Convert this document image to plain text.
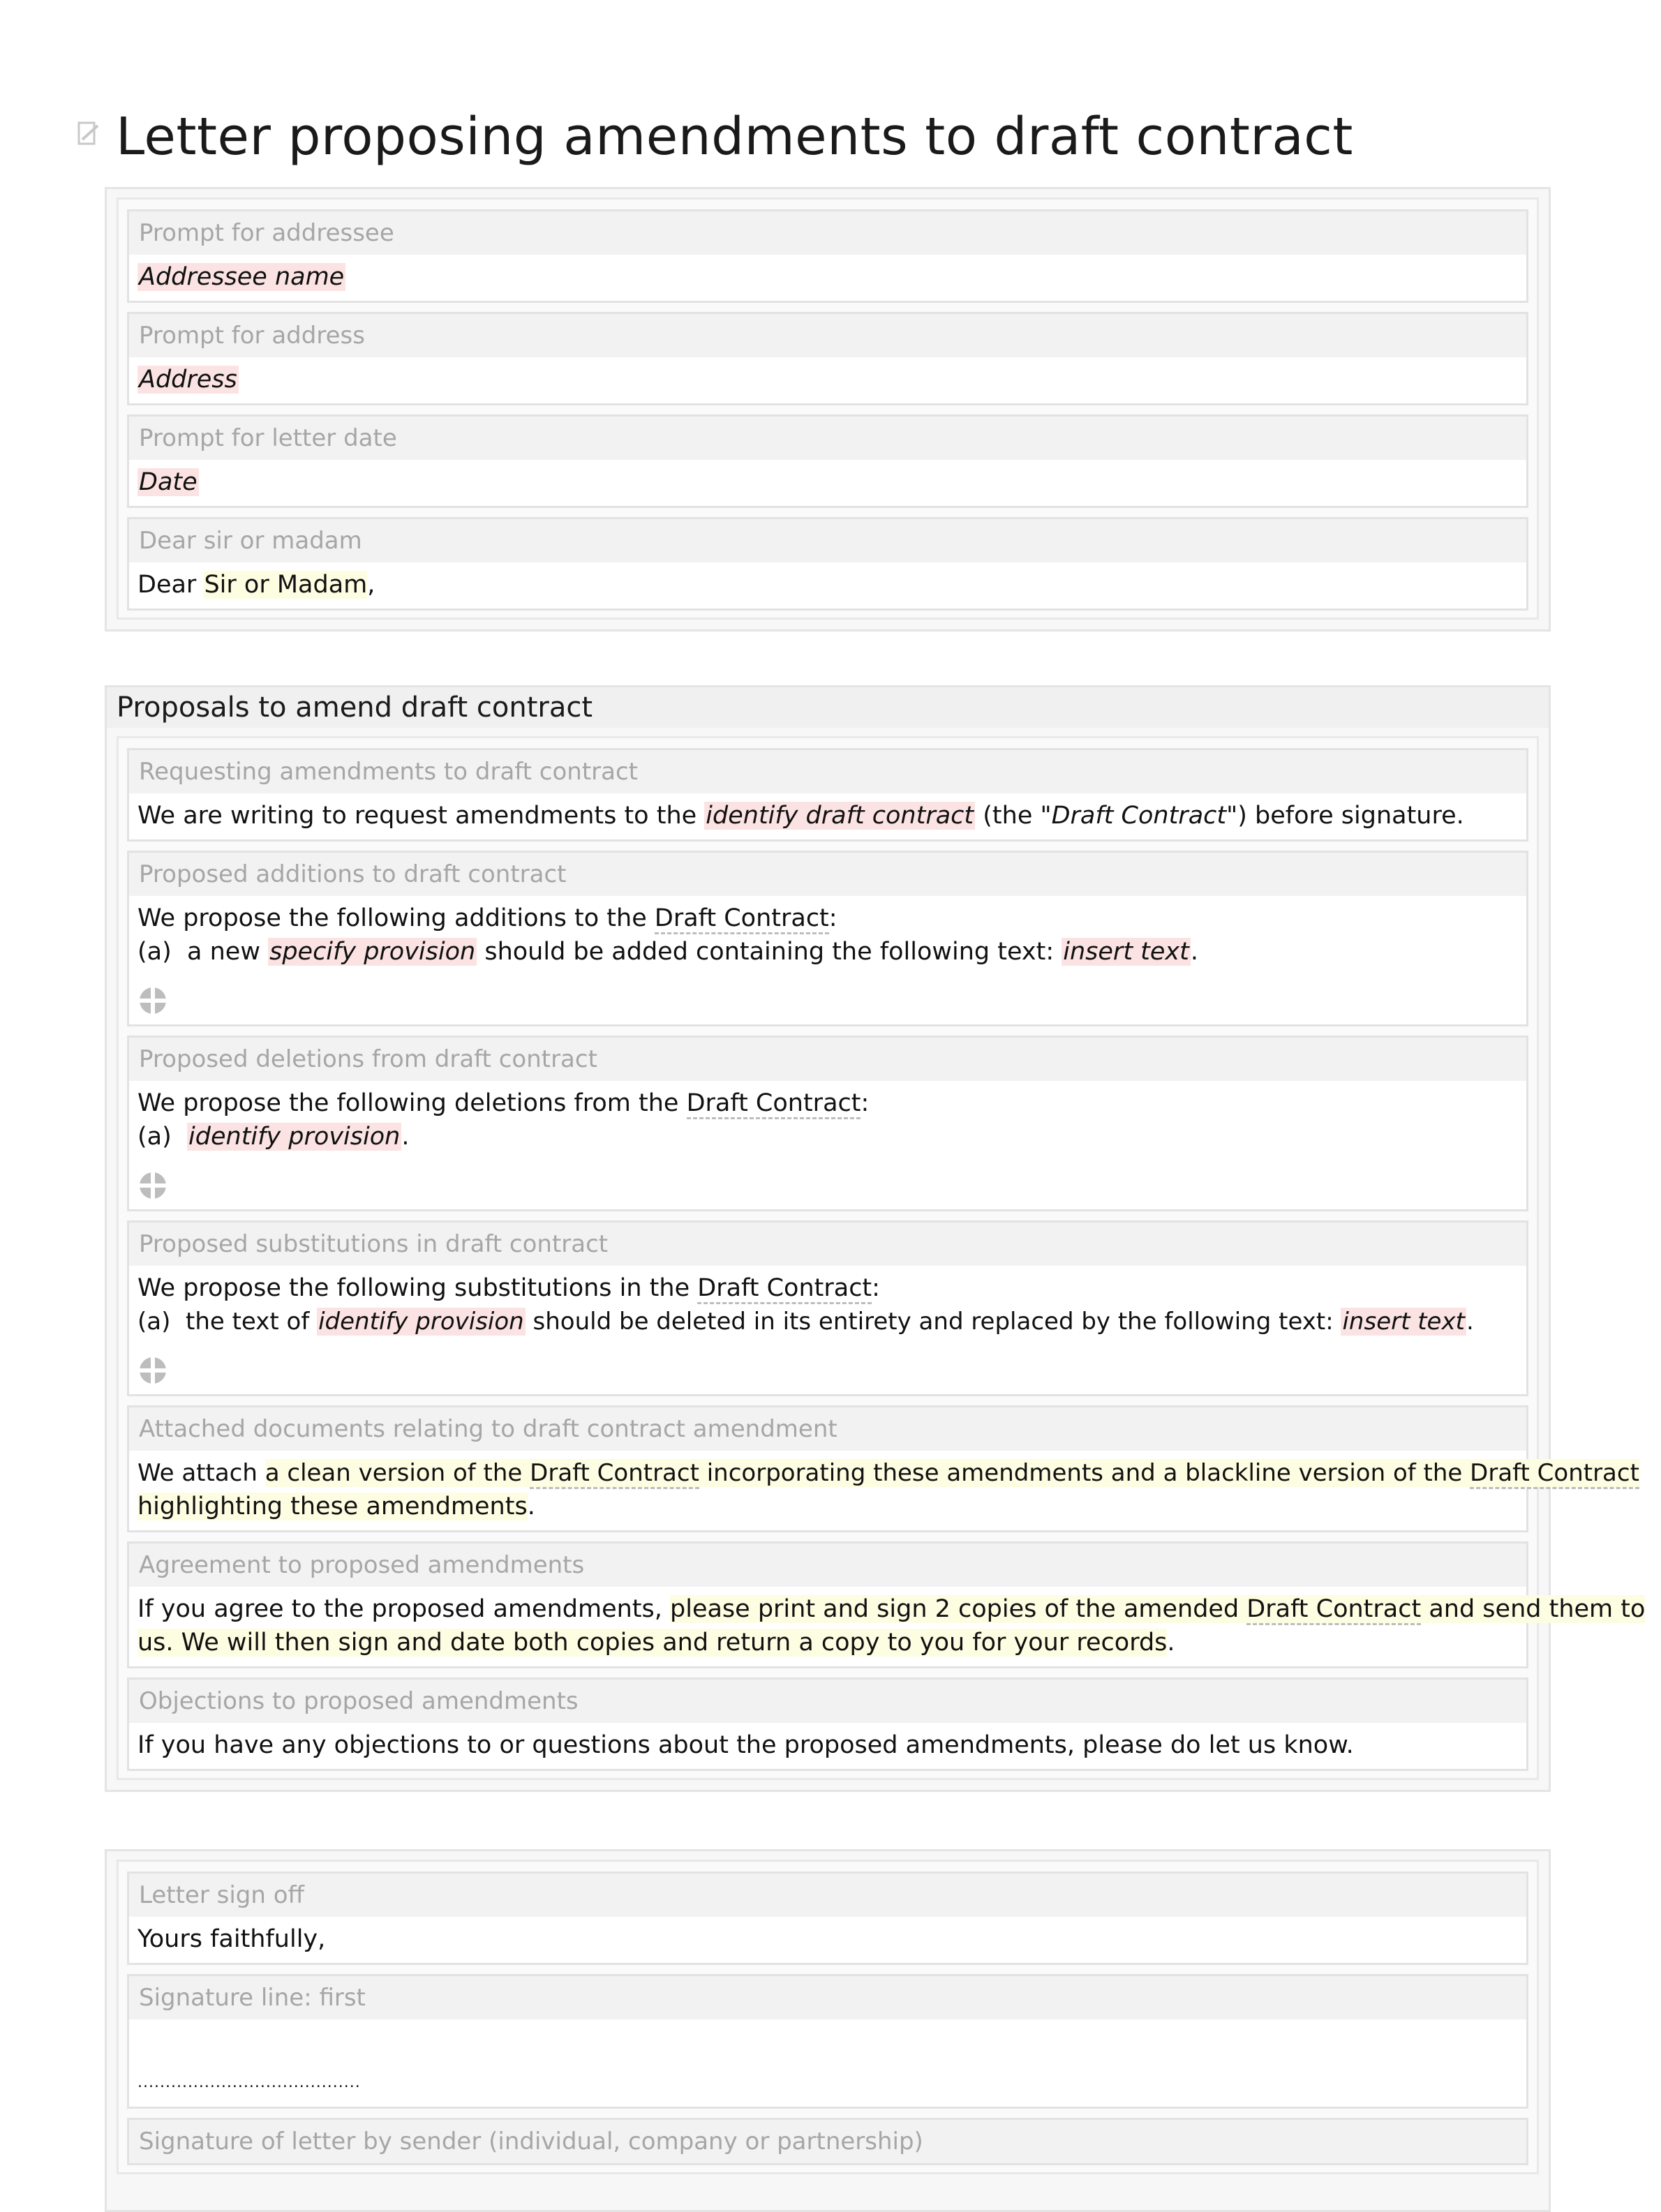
Letter proposing amendments to draft contract
Prompt for addressee
Addressee name
Prompt for address
Address
Prompt for letter date
Date
Dear sir or madam
Dear Sir or Madam,
Proposals to amend draft contract
Requesting amendments to draft contract
We are writing to request amendments to the identify draft contract (the "Draft Contract") before signature.
Proposed additions to draft contract
We propose the following additions to the Draft Contract:
(a) a new specify provision should be added containing the following text: insert text.
Proposed deletions from draft contract
We propose the following deletions from the Draft Contract:
(a) identify provision.
Proposed substitutions in draft contract
We propose the following substitutions in the Draft Contract:
(a) the text of identify provision should be deleted in its entirety and replaced by the following text: insert text.
Attached documents relating to draft contract amendment
We attach a clean version of the Draft Contract incorporating these amendments and a blackline version of the Draft Contract
highlighting these amendments.
Agreement to proposed amendments
If you agree to the proposed amendments, please print and sign 2 copies of the amended Draft Contract and send them to
us. We will then sign and date both copies and return a copy to you for your records.
Objections to proposed amendments
If you have any objections to or questions about the proposed amendments, please do let us know.
Letter sign off
Yours faithfully,
Signature line: first
........................................
Signature of letter by sender (individual, company or partnership)
